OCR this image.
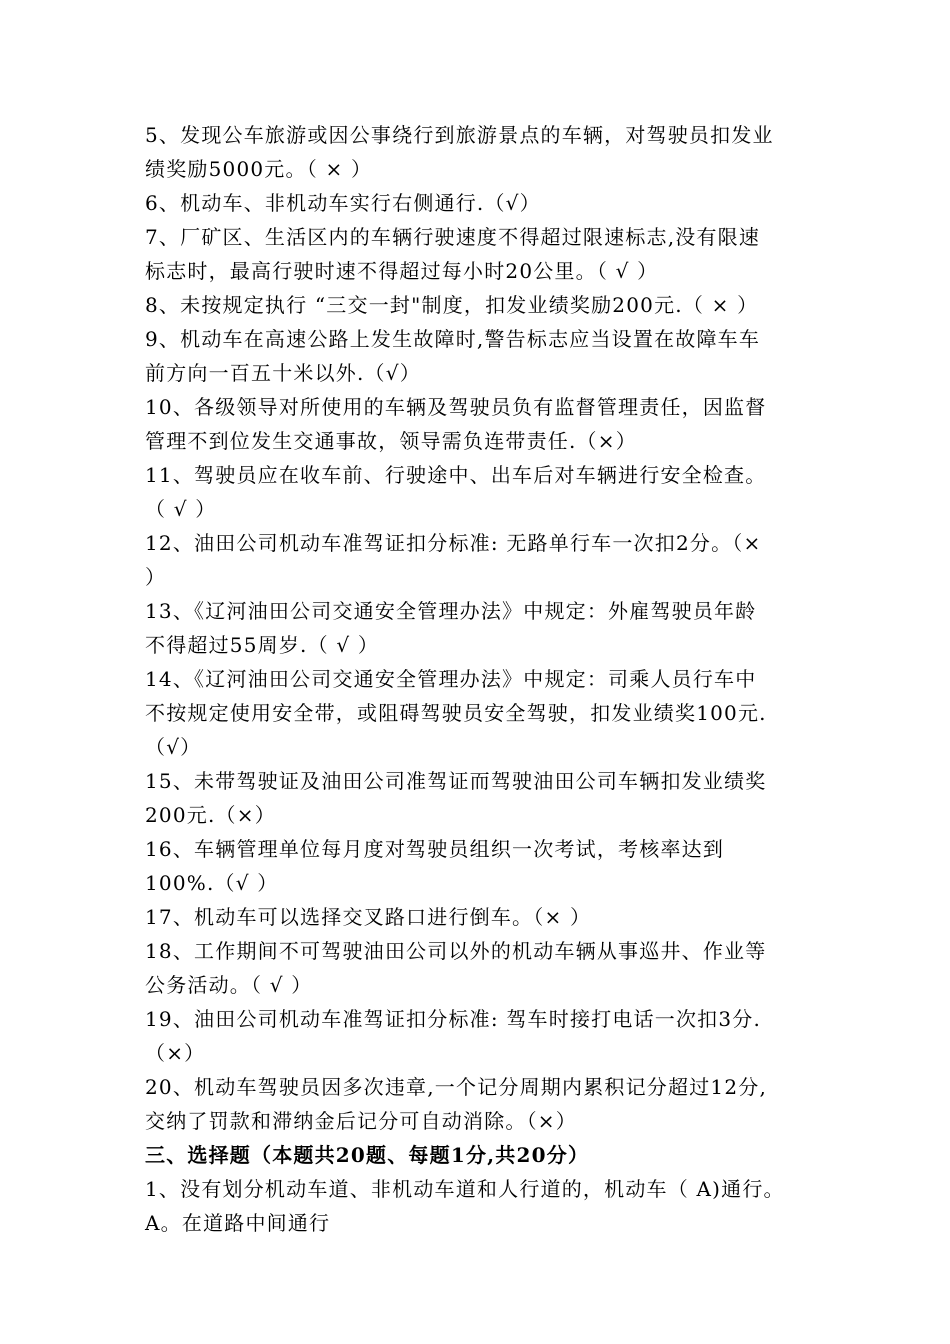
5、发现公车旅游或因公事绕行到旅游景点的车辆，对驾驶员扣发业
绩奖励5000元。（ × ）
6、机动车、非机动车实行右侧通行.（√）
7、厂矿区、生活区内的车辆行驶速度不得超过限速标志,没有限速
标志时，最高行驶时速不得超过每小时20公里。（ √ ）
8、未按规定执行 “三交一封"制度，扣发业绩奖励200元.（ × ）
9、机动车在高速公路上发生故障时,警告标志应当设置在故障车车
前方向一百五十米以外.（√）
10、各级领导对所使用的车辆及驾驶员负有监督管理责任，因监督
管理不到位发生交通事故，领导需负连带责任.（×）
11、驾驶员应在收车前、行驶途中、出车后对车辆进行安全检查。
（ √ ）
12、油田公司机动车准驾证扣分标准: 无路单行车一次扣2分。（×
）
13、《辽河油田公司交通安全管理办法》中规定：外雇驾驶员年龄
不得超过55周岁.（ √ ）
14、《辽河油田公司交通安全管理办法》中规定：司乘人员行车中
不按规定使用安全带，或阻碍驾驶员安全驾驶，扣发业绩奖100元.
（√）
15、未带驾驶证及油田公司准驾证而驾驶油田公司车辆扣发业绩奖
200元.（×）
16、车辆管理单位每月度对驾驶员组织一次考试，考核率达到
100%.（√ ）
17、机动车可以选择交叉路口进行倒车。（× ）
18、工作期间不可驾驶油田公司以外的机动车辆从事巡井、作业等
公务活动。（ √ ）
19、油田公司机动车准驾证扣分标准: 驾车时接打电话一次扣3分.
（×）
20、机动车驾驶员因多次违章,一个记分周期内累积记分超过12分,
交纳了罚款和滞纳金后记分可自动消除。（×）
三、选择题（本题共20题、每题1分,共20分）
1、没有划分机动车道、非机动车道和人行道的，机动车（ A)通行。
A。在道路中间通行
